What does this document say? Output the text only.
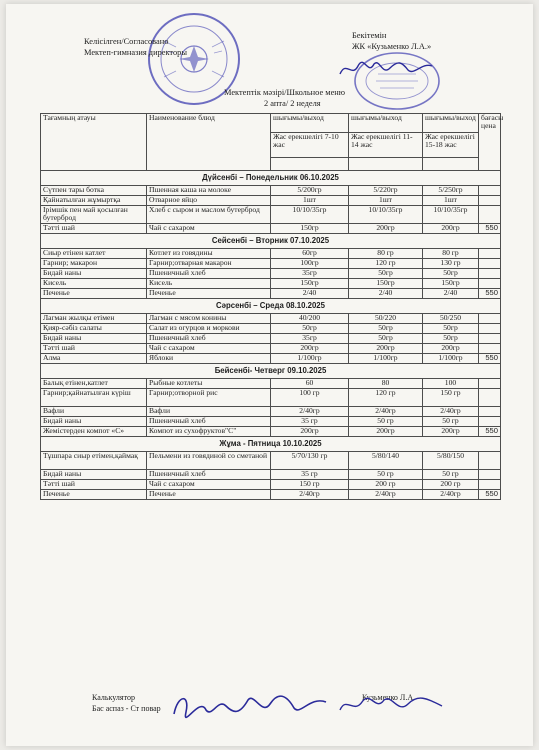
Келісілген/Согласовано
Мектеп-гимназия директоры
Бекітемін
ЖК «Кузьменко Л.А.»
Мектептік мәзірі/Школьное меню
2 апта/ 2 неделя
Тағамның атауы	Наименование блюд	шығымы/выход	шығымы/выход	шығымы/выход	бағасы цена
		Жас ерекшелігі 7-10 жас	Жас ерекшелігі 11-14 жас	Жас ерекшелігі 15-18 жас	

Дүйсенбі – Понедельник 06.10.2025					
Сүтпен тары ботка	Пшенная каша на молоке	5/200гр	5/220гр	5/250гр	
Қайнатылған жұмыртқа	Отварное яйцо	1шт	1шт	1шт	
Ірімшік пен май қосылған бутерброд	Хлеб с сыром и маслом бутерброд	10/10/35гр	10/10/35гр	10/10/35гр	
Тәтті шай	Чай с сахаром	150гр	200гр	200гр	550
Сейсенбі – Вторник 07.10.2025					
Сиыр етінен катлет	Котлет из говядины	60гр	80 гр	80 гр	
Гарнир; макарон	Гарнир;отварная макарон	100гр	120 гр	130 гр	
Бидай наны	Пшеничный хлеб	35гр	50гр	50гр	
Кисель	Кисель	150гр	150гр	150гр	
Печенье	Печенье	2/40	2/40	2/40	550
Сәрсенбі – Среда 08.10.2025					
Лагман жылқы етімен	Лагман с мясом конины	40/200	50/220	50/250	
Қияр-сәбіз салаты	Салат из огурцов и моркови	50гр	50гр	50гр	
Бидай наны	Пшеничный хлеб	35гр	50гр	50гр	
Тәтті шай	Чай с сахаром	200гр	200гр	200гр	
Алма	Яблоки	1/100гр	1/100гр	1/100гр	550
Бейсенбі- Четверг 09.10.2025					
Балық етінен,катлет	Рыбные котлеты	60	80	100	
Гарнир;қайнатылған күріш	Гарнир;отворной рис	100 гр	120 гр	150 гр	
Вафли	Вафли	2/40гр	2/40гр	2/40гр	
Бидай наны	Пшеничный хлеб	35 гр	50 гр	50 гр	
Жемістерден компот «С»	Компот из сухофруктов"С"	200гр	200гр	200гр	550
Жұма - Пятница 10.10.2025					
Тұшпара сиыр етімен,қаймақ	Пельмени из говядиной со сметаной	5/70/130 гр	5/80/140	5/80/150	
Бидай наны	Пшеничный хлеб	35 гр	50 гр	50 гр	
Тәтті шай	Чай с сахаром	150 гр	200 гр	200 гр	
Печенье	Печенье	2/40гр	2/40гр	2/40гр	550
Калькулятор
Бас аспаз - Ст повар
Кузьменко Л.А.
